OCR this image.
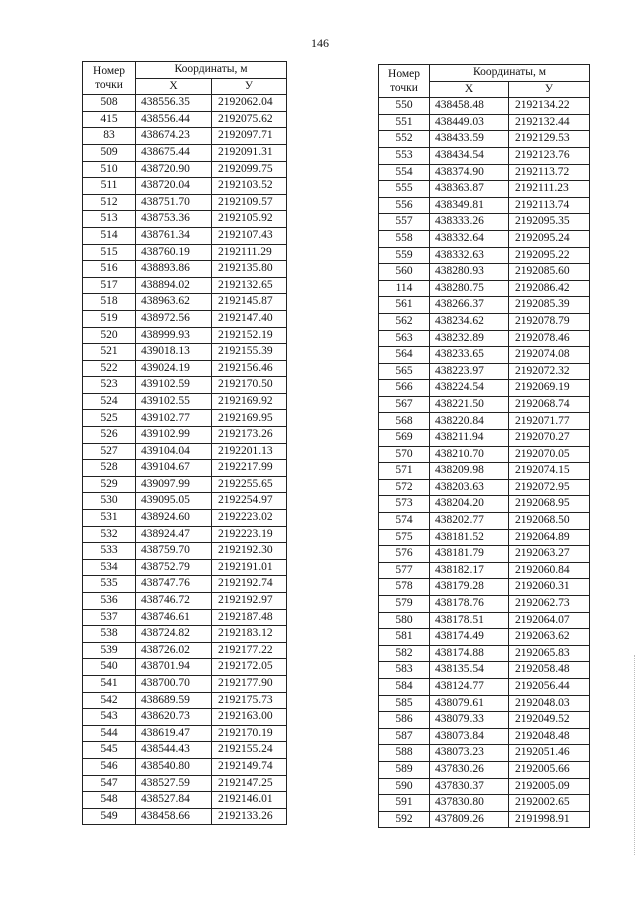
146
Номер
точки	Координаты, м	
	X	У
508	438556.35	2192062.04
415	438556.44	2192075.62
83	438674.23	2192097.71
509	438675.44	2192091.31
510	438720.90	2192099.75
511	438720.04	2192103.52
512	438751.70	2192109.57
513	438753.36	2192105.92
514	438761.34	2192107.43
515	438760.19	2192111.29
516	438893.86	2192135.80
517	438894.02	2192132.65
518	438963.62	2192145.87
519	438972.56	2192147.40
520	438999.93	2192152.19
521	439018.13	2192155.39
522	439024.19	2192156.46
523	439102.59	2192170.50
524	439102.55	2192169.92
525	439102.77	2192169.95
526	439102.99	2192173.26
527	439104.04	2192201.13
528	439104.67	2192217.99
529	439097.99	2192255.65
530	439095.05	2192254.97
531	438924.60	2192223.02
532	438924.47	2192223.19
533	438759.70	2192192.30
534	438752.79	2192191.01
535	438747.76	2192192.74
536	438746.72	2192192.97
537	438746.61	2192187.48
538	438724.82	2192183.12
539	438726.02	2192177.22
540	438701.94	2192172.05
541	438700.70	2192177.90
542	438689.59	2192175.73
543	438620.73	2192163.00
544	438619.47	2192170.19
545	438544.43	2192155.24
546	438540.80	2192149.74
547	438527.59	2192147.25
548	438527.84	2192146.01
549	438458.66	2192133.26
Номер
точки	Координаты, м	
	X	У
550	438458.48	2192134.22
551	438449.03	2192132.44
552	438433.59	2192129.53
553	438434.54	2192123.76
554	438374.90	2192113.72
555	438363.87	2192111.23
556	438349.81	2192113.74
557	438333.26	2192095.35
558	438332.64	2192095.24
559	438332.63	2192095.22
560	438280.93	2192085.60
114	438280.75	2192086.42
561	438266.37	2192085.39
562	438234.62	2192078.79
563	438232.89	2192078.46
564	438233.65	2192074.08
565	438223.97	2192072.32
566	438224.54	2192069.19
567	438221.50	2192068.74
568	438220.84	2192071.77
569	438211.94	2192070.27
570	438210.70	2192070.05
571	438209.98	2192074.15
572	438203.63	2192072.95
573	438204.20	2192068.95
574	438202.77	2192068.50
575	438181.52	2192064.89
576	438181.79	2192063.27
577	438182.17	2192060.84
578	438179.28	2192060.31
579	438178.76	2192062.73
580	438178.51	2192064.07
581	438174.49	2192063.62
582	438174.88	2192065.83
583	438135.54	2192058.48
584	438124.77	2192056.44
585	438079.61	2192048.03
586	438079.33	2192049.52
587	438073.84	2192048.48
588	438073.23	2192051.46
589	437830.26	2192005.66
590	437830.37	2192005.09
591	437830.80	2192002.65
592	437809.26	2191998.91
